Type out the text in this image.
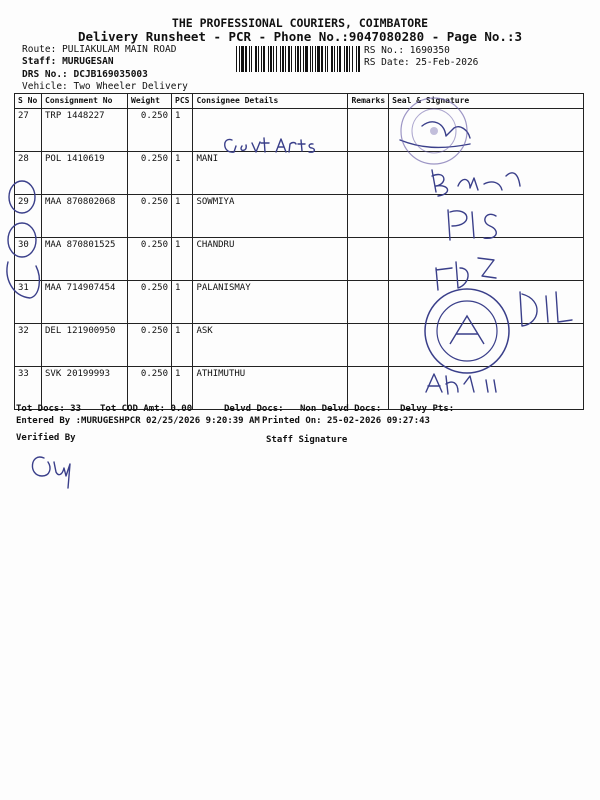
THE PROFESSIONAL COURIERS, COIMBATORE
Delivery Runsheet - PCR - Phone No.:9047080280 - Page No.:3
Route: PULIAKULAM MAIN ROAD
Staff: MURUGESAN
DRS No.: DCJB169035003
Vehicle: Two Wheeler Delivery
RS No.: 1690350
RS Date: 25-Feb-2026
S No	Consignment No	Weight	PCS	Consignee Details	Remarks	Seal & Signature
27	TRP 1448227	0.250	1			
28	POL 1410619	0.250	1	MANI		
29	MAA 870802068	0.250	1	SOWMIYA		
30	MAA 870801525	0.250	1	CHANDRU		
31	MAA 714907454	0.250	1	PALANISMAY		
32	DEL 121900950	0.250	1	ASK		
33	SVK 20199993	0.250	1	ATHIMUTHU		
Tot Docs: 33 Tot COD Amt: 0.00	Delvd Docs: Non Delvd Docs: Delvy Pts:
Entered By :MURUGESHPCR 02/25/2026 9:20:39 AM Printed On: 25-02-2026 09:27:43
Verified By	Staff Signature
